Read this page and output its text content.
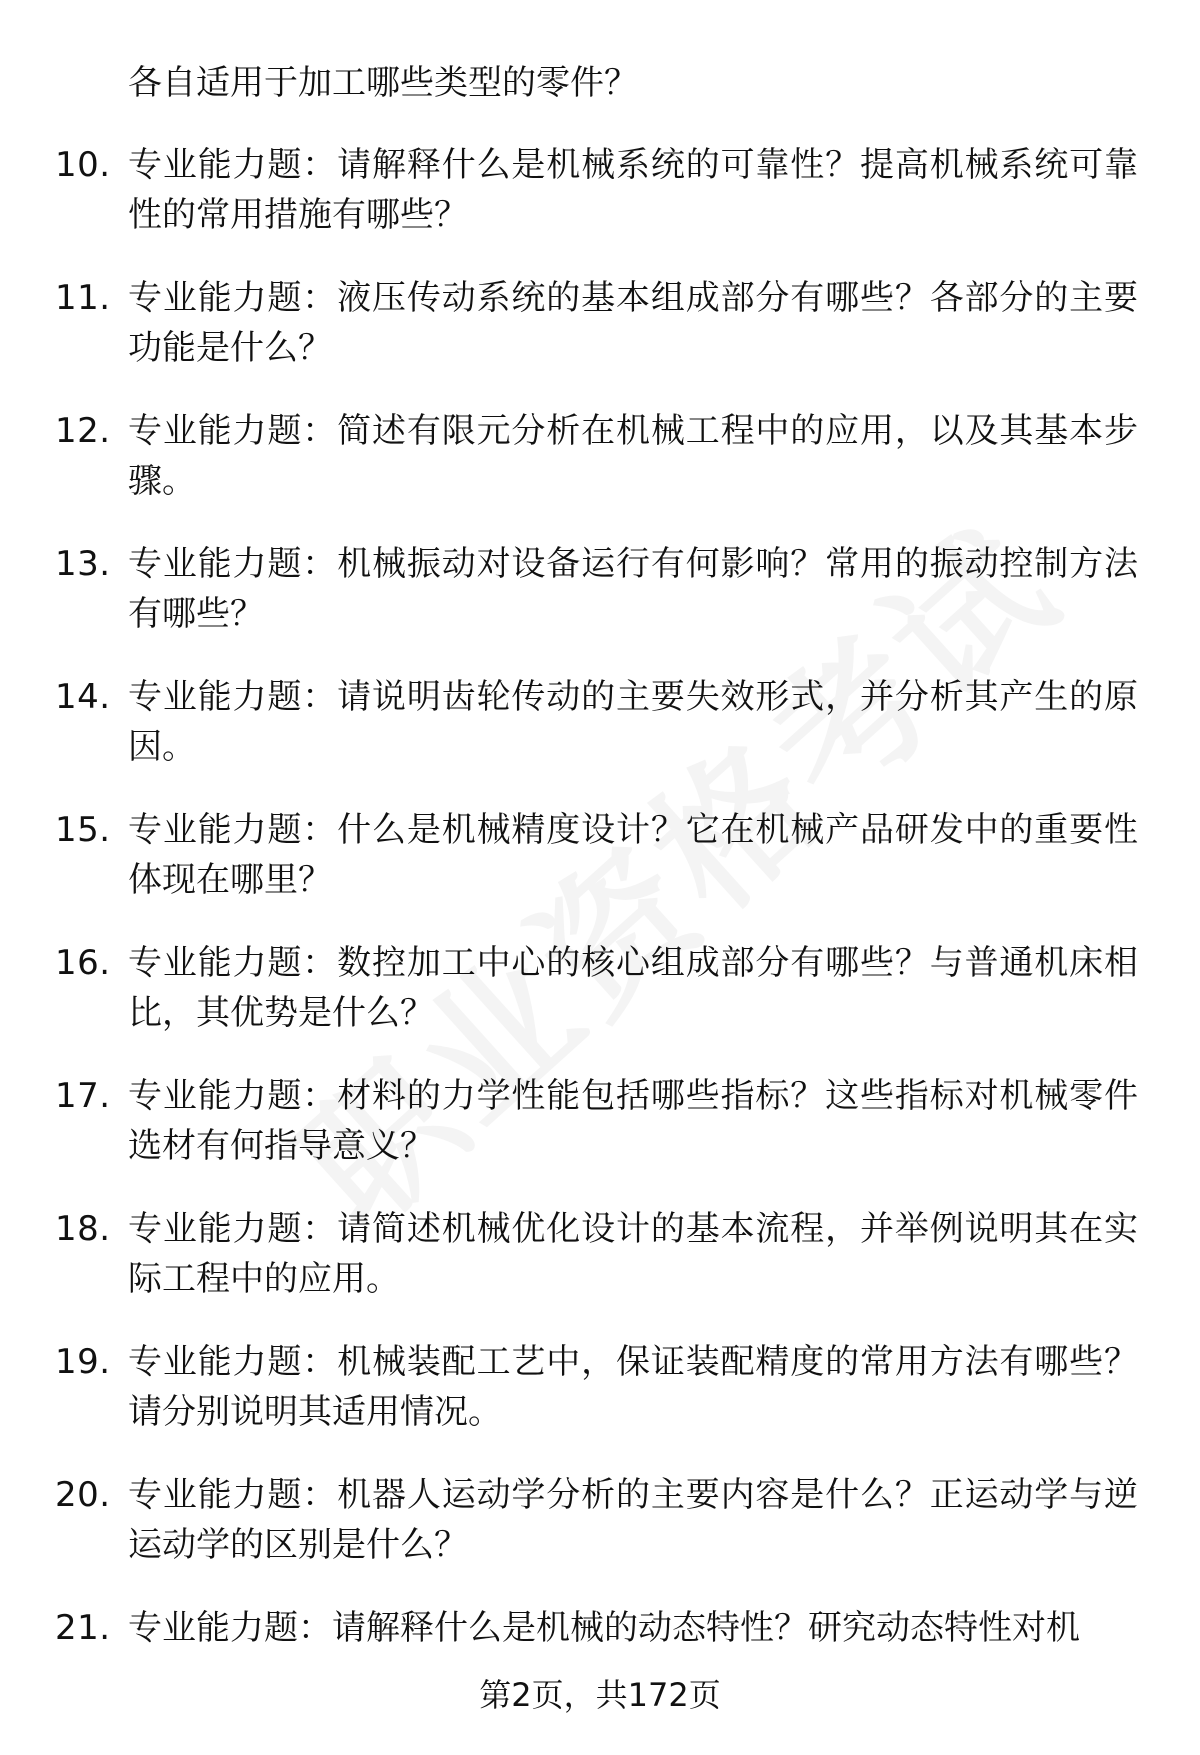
各自适用于加工哪些类型的零件？

10. 专业能力题：请解释什么是机械系统的可靠性？提高机械系统可靠性的常用措施有哪些？
11. 专业能力题：液压传动系统的基本组成部分有哪些？各部分的主要功能是什么？
12. 专业能力题：简述有限元分析在机械工程中的应用，以及其基本步骤。
13. 专业能力题：机械振动对设备运行有何影响？常用的振动控制方法有哪些？
14. 专业能力题：请说明齿轮传动的主要失效形式，并分析其产生的原因。
15. 专业能力题：什么是机械精度设计？它在机械产品研发中的重要性体现在哪里？
16. 专业能力题：数控加工中心的核心组成部分有哪些？与普通机床相比，其优势是什么？
17. 专业能力题：材料的力学性能包括哪些指标？这些指标对机械零件选材有何指导意义？
18. 专业能力题：请简述机械优化设计的基本流程，并举例说明其在实际工程中的应用。
19. 专业能力题：机械装配工艺中，保证装配精度的常用方法有哪些？请分别说明其适用情况。
20. 专业能力题：机器人运动学分析的主要内容是什么？正运动学与逆运动学的区别是什么？
21. 专业能力题：请解释什么是机械的动态特性？研究动态特性对机
第2页，共172页
